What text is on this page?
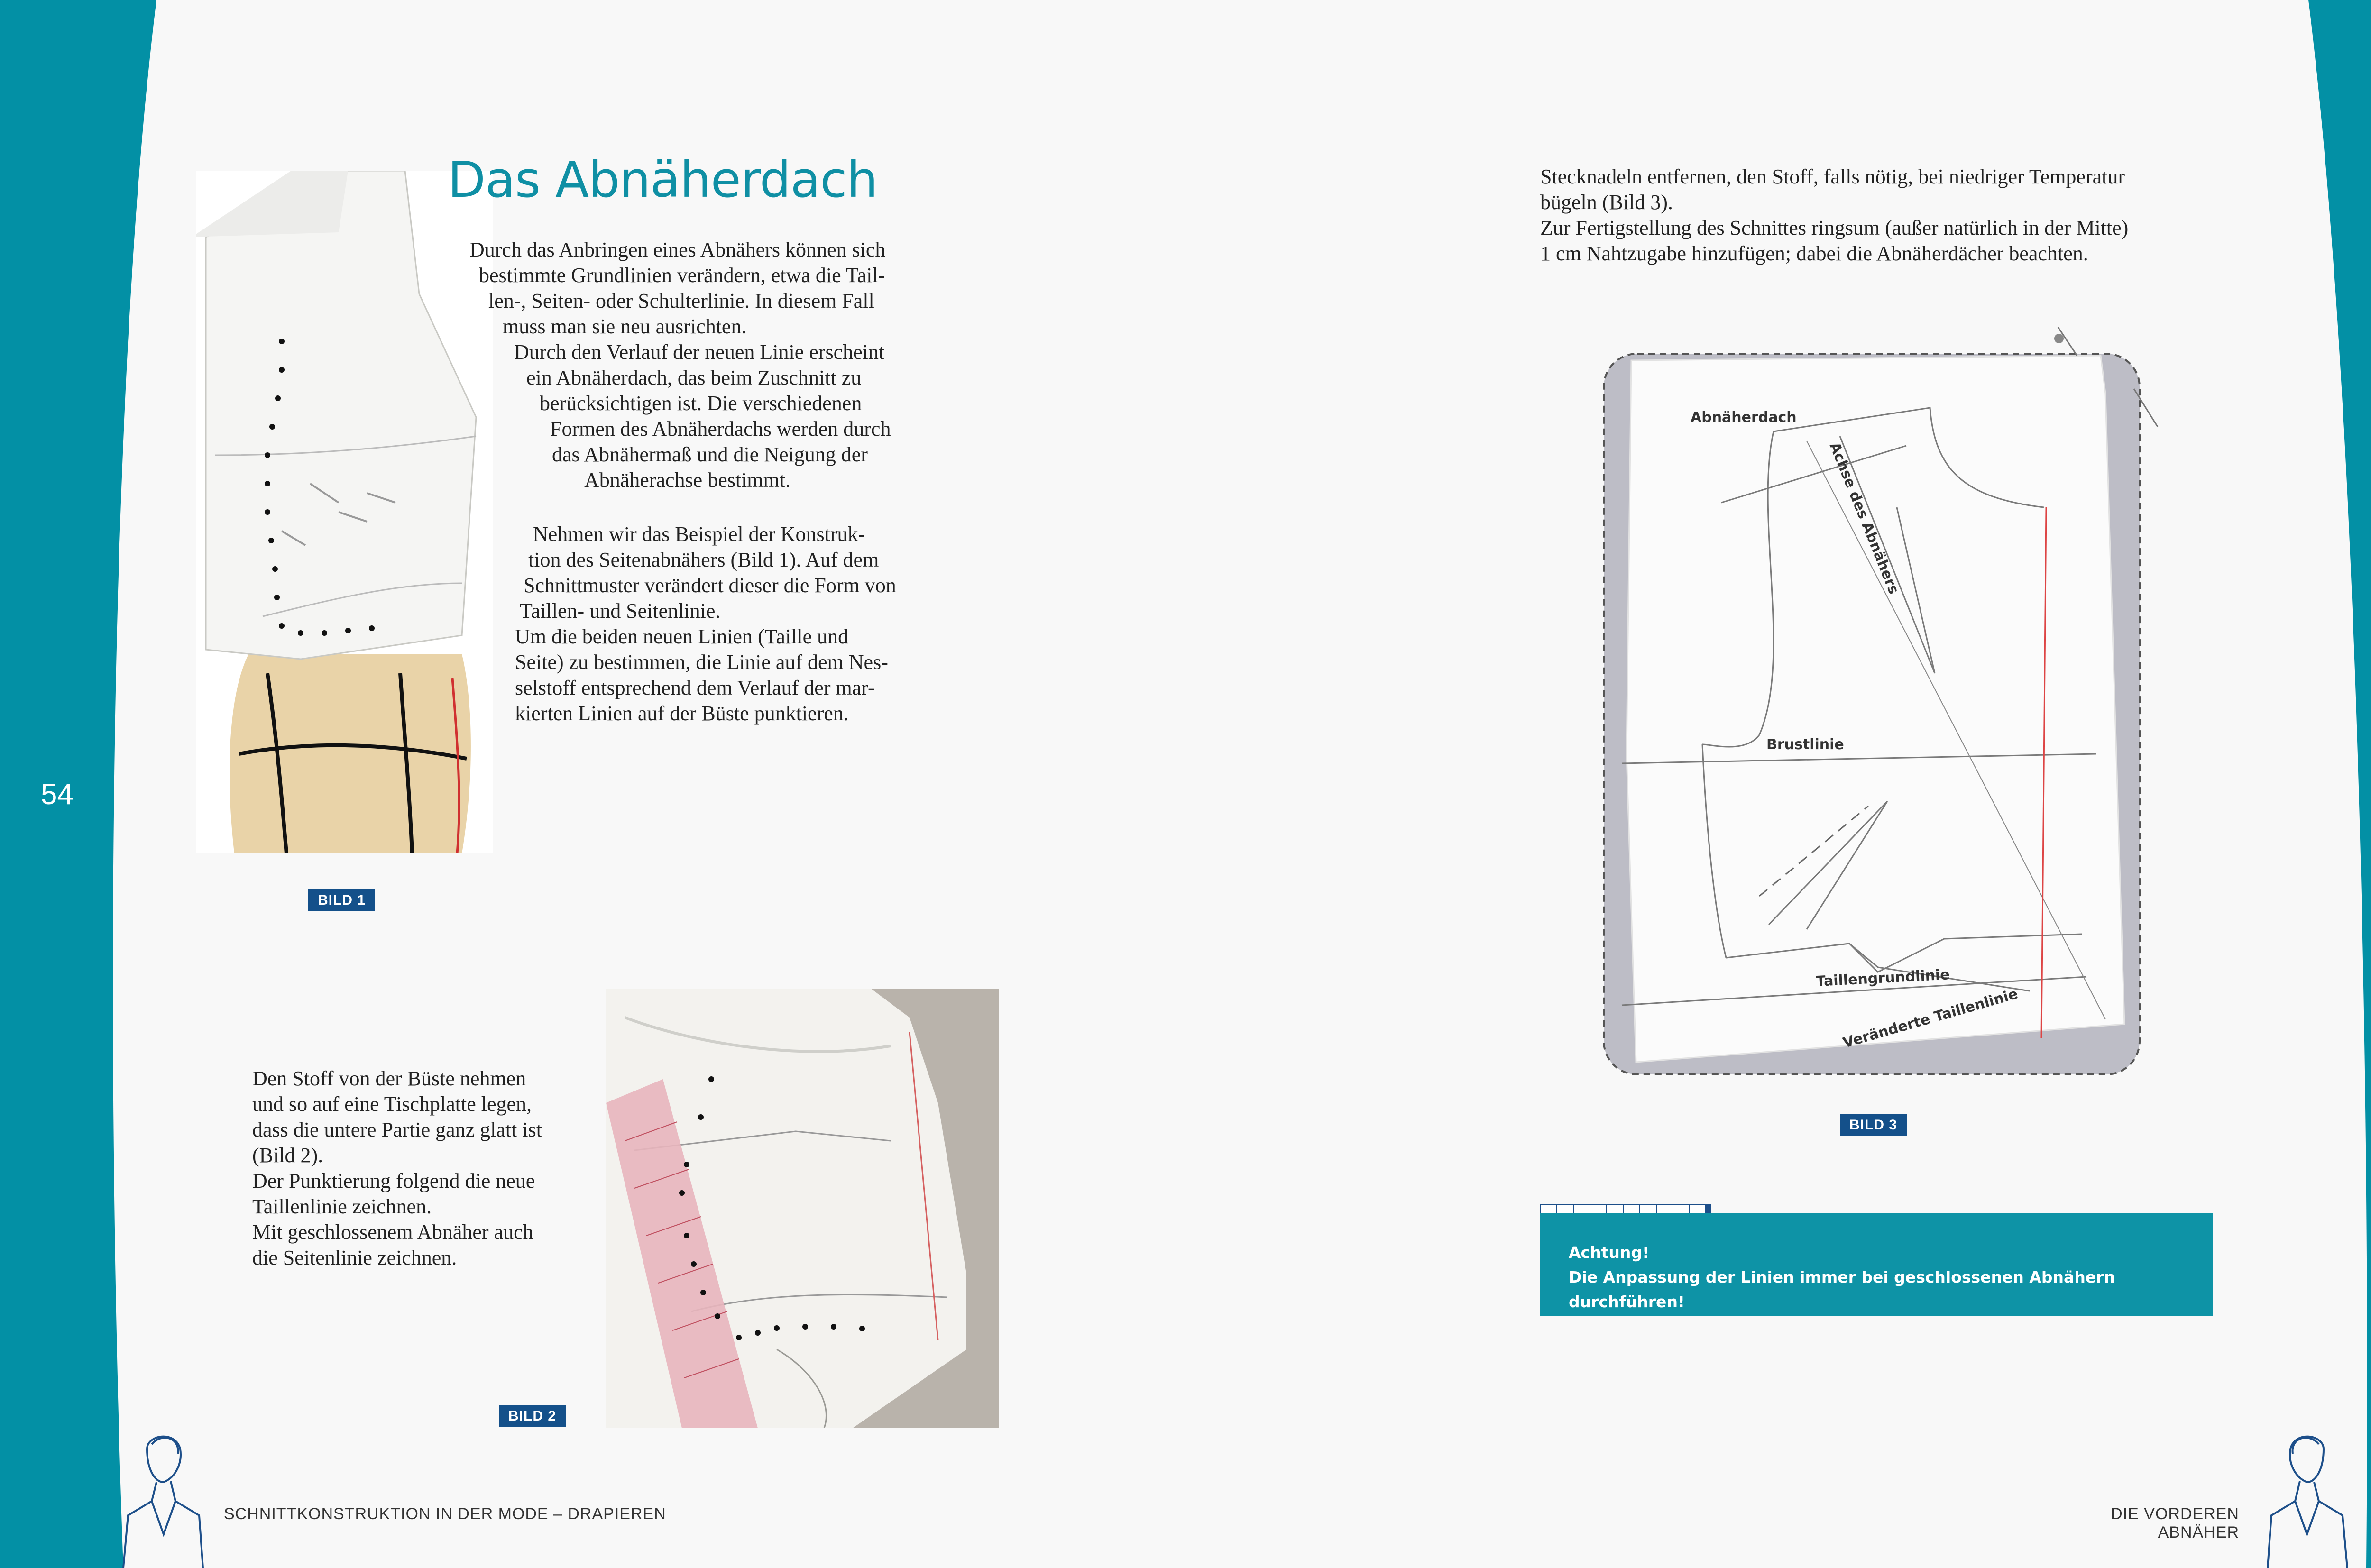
54
Das Abnäherdach
Durch das Anbringen eines Abnähers können sich
bestimmte Grundlinien verändern, etwa die Tail-
len-, Seiten- oder Schulterlinie. In diesem Fall
muss man sie neu ausrichten.
Durch den Verlauf der neuen Linie erscheint
ein Abnäherdach, das beim Zuschnitt zu
berücksichtigen ist. Die verschiedenen
Formen des Abnäherdachs werden durch
das Abnähermaß und die Neigung der
Abnäherachse bestimmt.
Nehmen wir das Beispiel der Konstruk-
tion des Seitenabnähers (Bild 1). Auf dem
Schnittmuster verändert dieser die Form von
Taillen- und Seitenlinie.
Um die beiden neuen Linien (Taille und
Seite) zu bestimmen, die Linie auf dem Nes-
selstoff entsprechend dem Verlauf der mar-
kierten Linien auf der Büste punktieren.
BILD 1
Den Stoff von der Büste nehmen
und so auf eine Tischplatte legen,
dass die untere Partie ganz glatt ist
(Bild 2).
Der Punktierung folgend die neue
Taillenlinie zeichnen.
Mit geschlossenem Abnäher auch
die Seitenlinie zeichnen.
BILD 2
SCHNITTKONSTRUKTION IN DER MODE – DRAPIEREN
Stecknadeln entfernen, den Stoff, falls nötig, bei niedriger Temperatur
bügeln (Bild 3).
Zur Fertigstellung des Schnittes ringsum (außer natürlich in der Mitte)
1 cm Nahtzugabe hinzufügen; dabei die Abnäherdächer beachten.
Abnäherdach
Achse des Abnähers
Brustlinie
Taillengrundlinie
Veränderte Taillenlinie
BILD 3
Achtung!
Die Anpassung der Linien immer bei geschlossenen Abnähern durchführen!
DIE VORDEREN ABNÄHER
